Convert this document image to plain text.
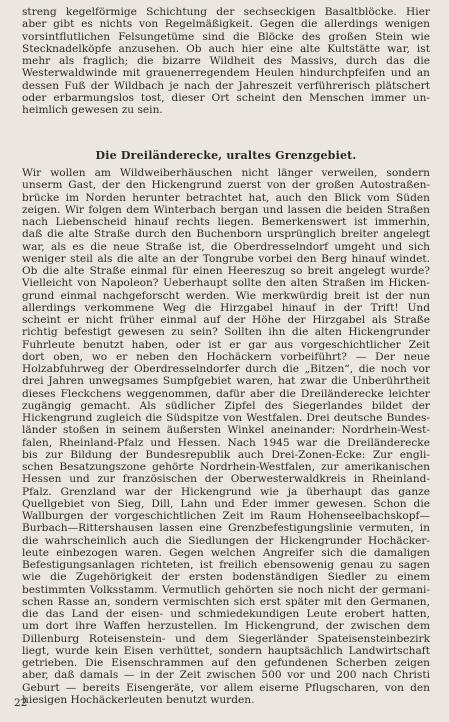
streng kegelförmige Schichtung der sechseckigen Basaltblöcke. Hier
aber gibt es nichts von Regelmäßigkeit. Gegen die allerdings wenigen
vorsintflutlichen Felsungetüme sind die Blöcke des großen Stein wie
Stecknadelköpfe anzusehen. Ob auch hier eine alte Kultstätte war, ist
mehr als fraglich; die bizarre Wildheit des Massivs, durch das die
Westerwaldwinde mit grauenerregendem Heulen hindurchpfeifen und an
dessen Fuß der Wildbach je nach der Jahreszeit verführerisch plätschert
oder erbarmungslos tost, dieser Ort scheint den Menschen immer un-
heimlich gewesen zu sein.
Die Dreiländerecke, uraltes Grenzgebiet.
Wir wollen am Wildweiberhäuschen nicht länger verweilen, sondern
unserm Gast, der den Hickengrund zuerst von der großen Autostraßen-
brücke im Norden herunter betrachtet hat, auch den Blick vom Süden
zeigen. Wir folgen dem Winterbach bergan und lassen die beiden Straßen
nach Liebenscheid hinauf rechts liegen. Bemerkenswert ist immerhin,
daß die alte Straße durch den Buchenborn ursprünglich breiter angelegt
war, als es die neue Straße ist, die Oberdresselndorf umgeht und sich
weniger steil als die alte an der Tongrube vorbei den Berg hinauf windet.
Ob die alte Straße einmal für einen Heereszug so breit angelegt wurde?
Vielleicht von Napoleon? Ueberhaupt sollte den alten Straßen im Hicken-
grund einmal nachgeforscht werden. Wie merkwürdig breit ist der nun
allerdings verkommene Weg die Hirzgabel hinauf in der Trift! Und
scheint er nicht früher einmal auf der Höhe der Hirzgabel als Straße
richtig befestigt gewesen zu sein? Sollten ihn die alten Hickengrunder
Fuhrleute benutzt haben, oder ist er gar aus vorgeschichtlicher Zeit
dort oben, wo er neben den Hochäckern vorbeiführt? — Der neue
Holzabfuhrweg der Oberdresselndorfer durch die „Bitzen“, die noch vor
drei Jahren unwegsames Sumpfgebiet waren, hat zwar die Unberührtheit
dieses Fleckchens weggenommen, dafür aber die Dreiländerecke leichter
zugängig gemacht. Als südlicher Zipfel des Siegerlandes bildet der
Hickengrund zugleich die Südspitze von Westfalen. Drei deutsche Bundes-
länder stoßen in seinem äußersten Winkel aneinander: Nordrhein-West-
falen, Rheinland-Pfalz und Hessen. Nach 1945 war die Dreiländerecke
bis zur Bildung der Bundesrepublik auch Drei-Zonen-Ecke: Zur engli-
schen Besatzungszone gehörte Nordrhein-Westfalen, zur amerikanischen
Hessen und zur französischen der Oberwesterwaldkreis in Rheinland-
Pfalz. Grenzland war der Hickengrund wie ja überhaupt das ganze
Quellgebiet von Sieg, Dill, Lahn und Eder immer gewesen. Schon die
Wallburgen der vorgeschichtlichen Zeit im Raum Hohenseelbachskopf—
Burbach—Rittershausen lassen eine Grenzbefestigungslinie vermuten, in
die wahrscheinlich auch die Siedlungen der Hickengrunder Hochäcker-
leute einbezogen waren. Gegen welchen Angreifer sich die damaligen
Befestigungsanlagen richteten, ist freilich ebensowenig genau zu sagen
wie die Zugehörigkeit der ersten bodenständigen Siedler zu einem
bestimmten Volksstamm. Vermutlich gehörten sie noch nicht der germani-
schen Rasse an, sondern vermischten sich erst später mit den Germanen,
die das Land der eisen- und schmiedekundigen Leute erobert hatten,
um dort ihre Waffen herzustellen. Im Hickengrund, der zwischen dem
Dillenburg Roteisenstein- und dem Siegerländer Spateisensteinbezirk
liegt, wurde kein Eisen verhüttet, sondern hauptsächlich Landwirtschaft
getrieben. Die Eisenschrammen auf den gefundenen Scherben zeigen
aber, daß damals — in der Zeit zwischen 500 vor und 200 nach Christi
Geburt — bereits Eisengeräte, vor allem eiserne Pflugscharen, von den
hiesigen Hochäckerleuten benutzt wurden.
22
